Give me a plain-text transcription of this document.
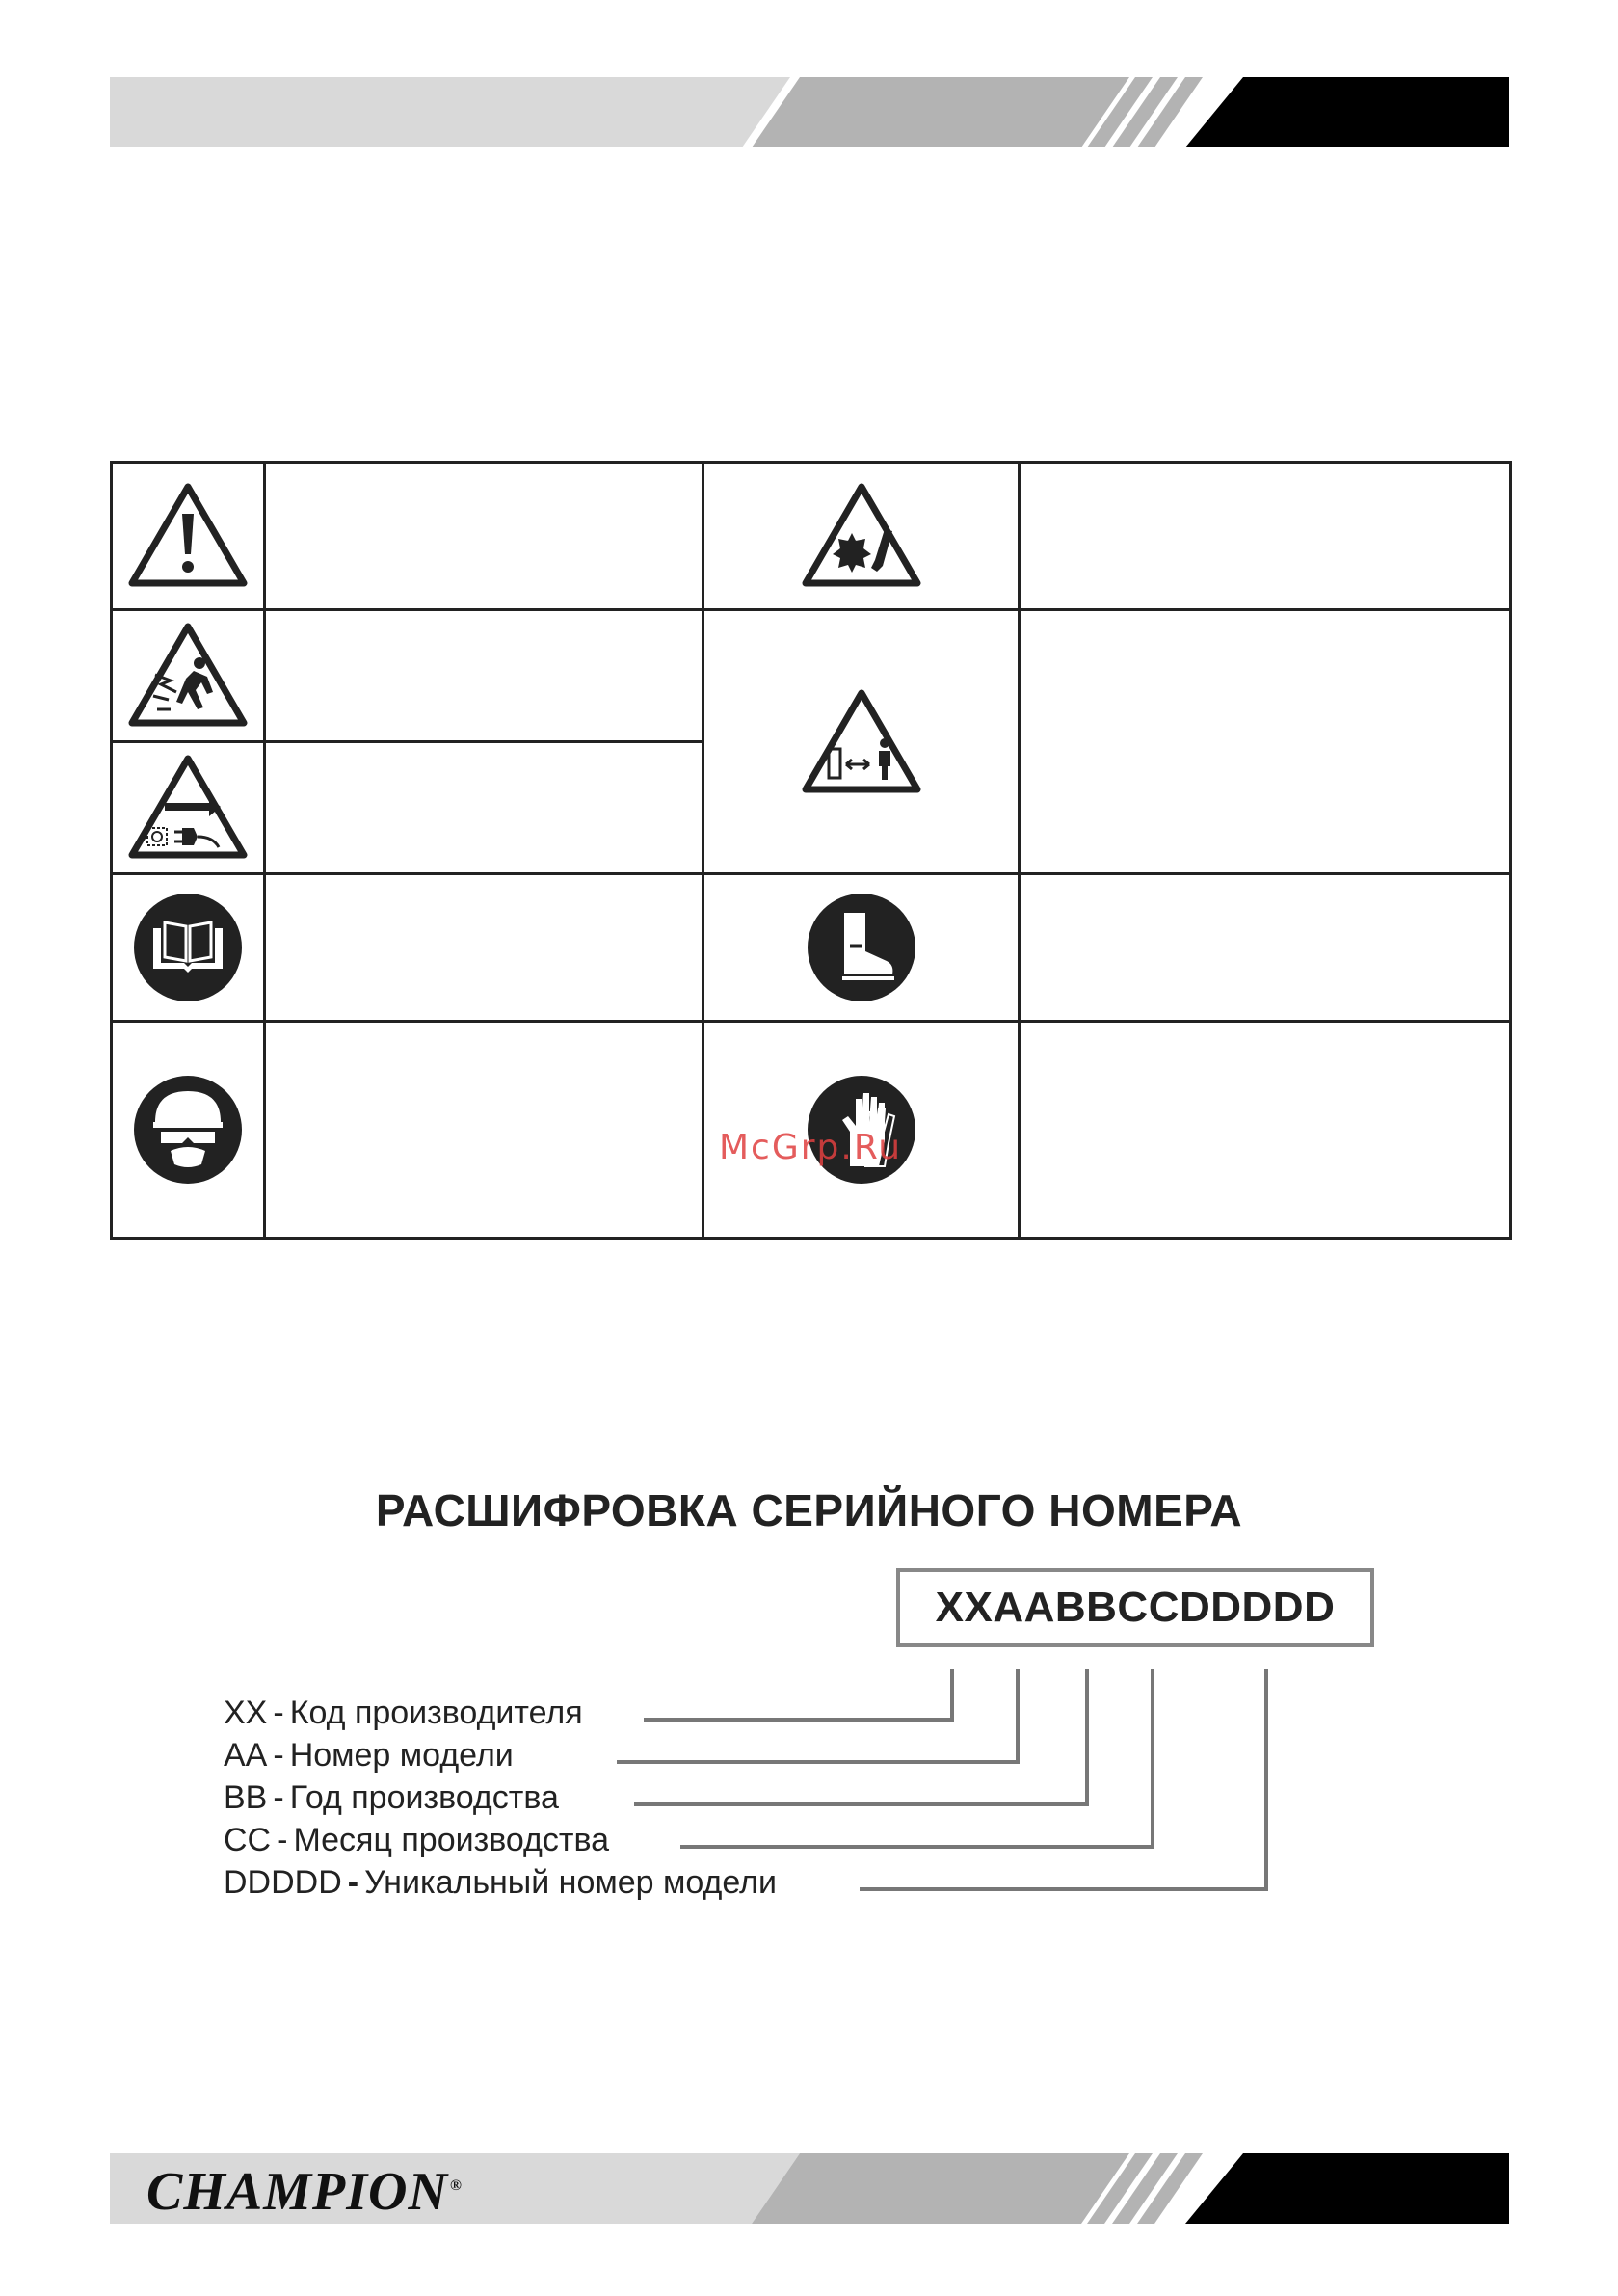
McGrp.Ru
РАСШИФРОВКА СЕРИЙНОГО НОМЕРА
XXAABBCCDDDDD
XX - Код производителя
AA - Номер модели
BB - Год производства
CC - Месяц производства
DDDDD - Уникальный номер модели
CHAMPION ®
